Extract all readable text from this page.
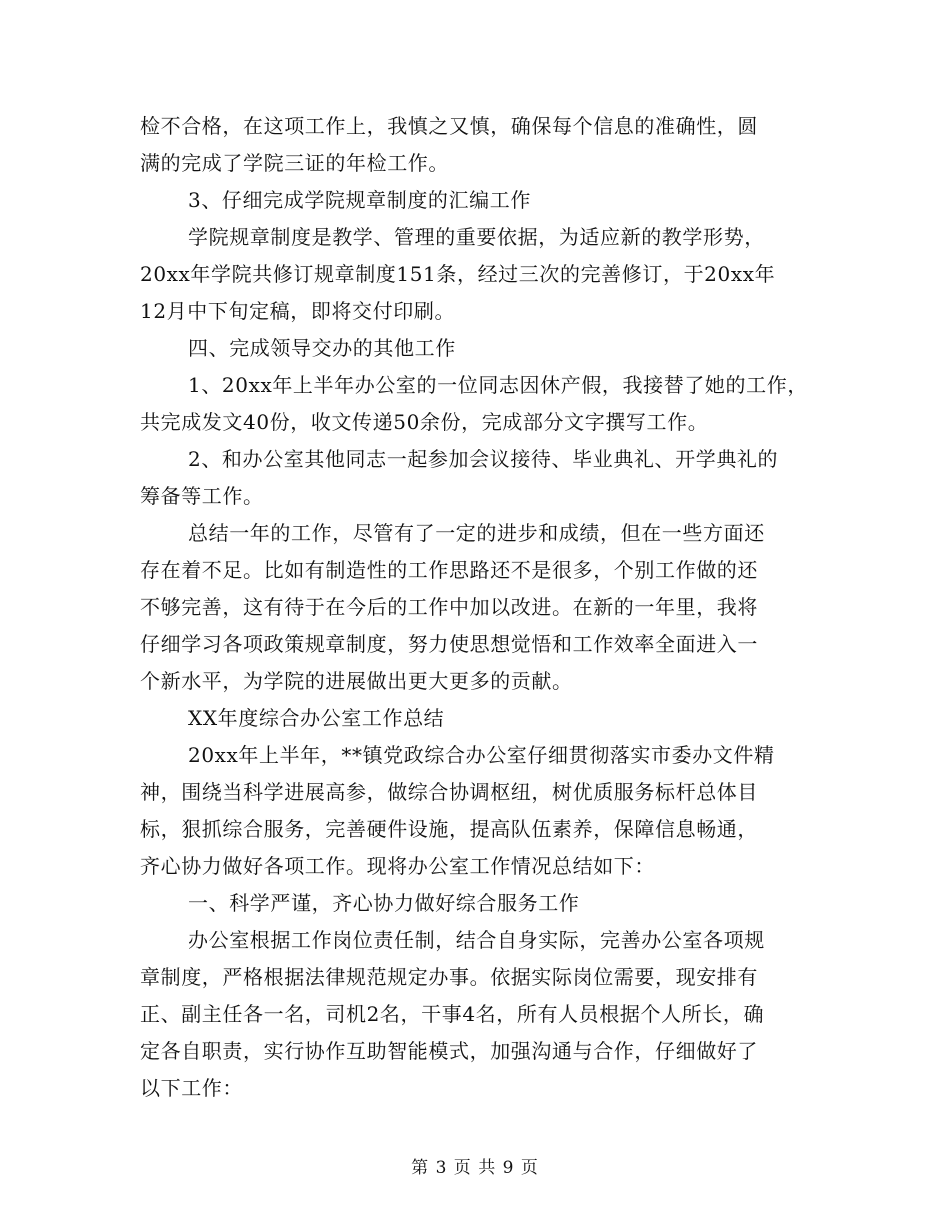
检不合格，在这项工作上，我慎之又慎，确保每个信息的准确性，圆
满的完成了学院三证的年检工作。
3、仔细完成学院规章制度的汇编工作
学院规章制度是教学、管理的重要依据，为适应新的教学形势，
20xx年学院共修订规章制度151条，经过三次的完善修订，于20xx年
12月中下旬定稿，即将交付印刷。
四、完成领导交办的其他工作
1、20xx年上半年办公室的一位同志因休产假，我接替了她的工作，
共完成发文40份，收文传递50余份，完成部分文字撰写工作。
2、和办公室其他同志一起参加会议接待、毕业典礼、开学典礼的
筹备等工作。
总结一年的工作，尽管有了一定的进步和成绩，但在一些方面还
存在着不足。比如有制造性的工作思路还不是很多，个别工作做的还
不够完善，这有待于在今后的工作中加以改进。在新的一年里，我将
仔细学习各项政策规章制度，努力使思想觉悟和工作效率全面进入一
个新水平，为学院的进展做出更大更多的贡献。
XX年度综合办公室工作总结
20xx年上半年，**镇党政综合办公室仔细贯彻落实市委办文件精
神，围绕当科学进展高参，做综合协调枢纽，树优质服务标杆总体目
标，狠抓综合服务，完善硬件设施，提高队伍素养，保障信息畅通，
齐心协力做好各项工作。现将办公室工作情况总结如下：
一、科学严谨，齐心协力做好综合服务工作
办公室根据工作岗位责任制，结合自身实际，完善办公室各项规
章制度，严格根据法律规范规定办事。依据实际岗位需要，现安排有
正、副主任各一名，司机2名，干事4名，所有人员根据个人所长，确
定各自职责，实行协作互助智能模式，加强沟通与合作，仔细做好了
以下工作：
第 3 页 共 9 页
